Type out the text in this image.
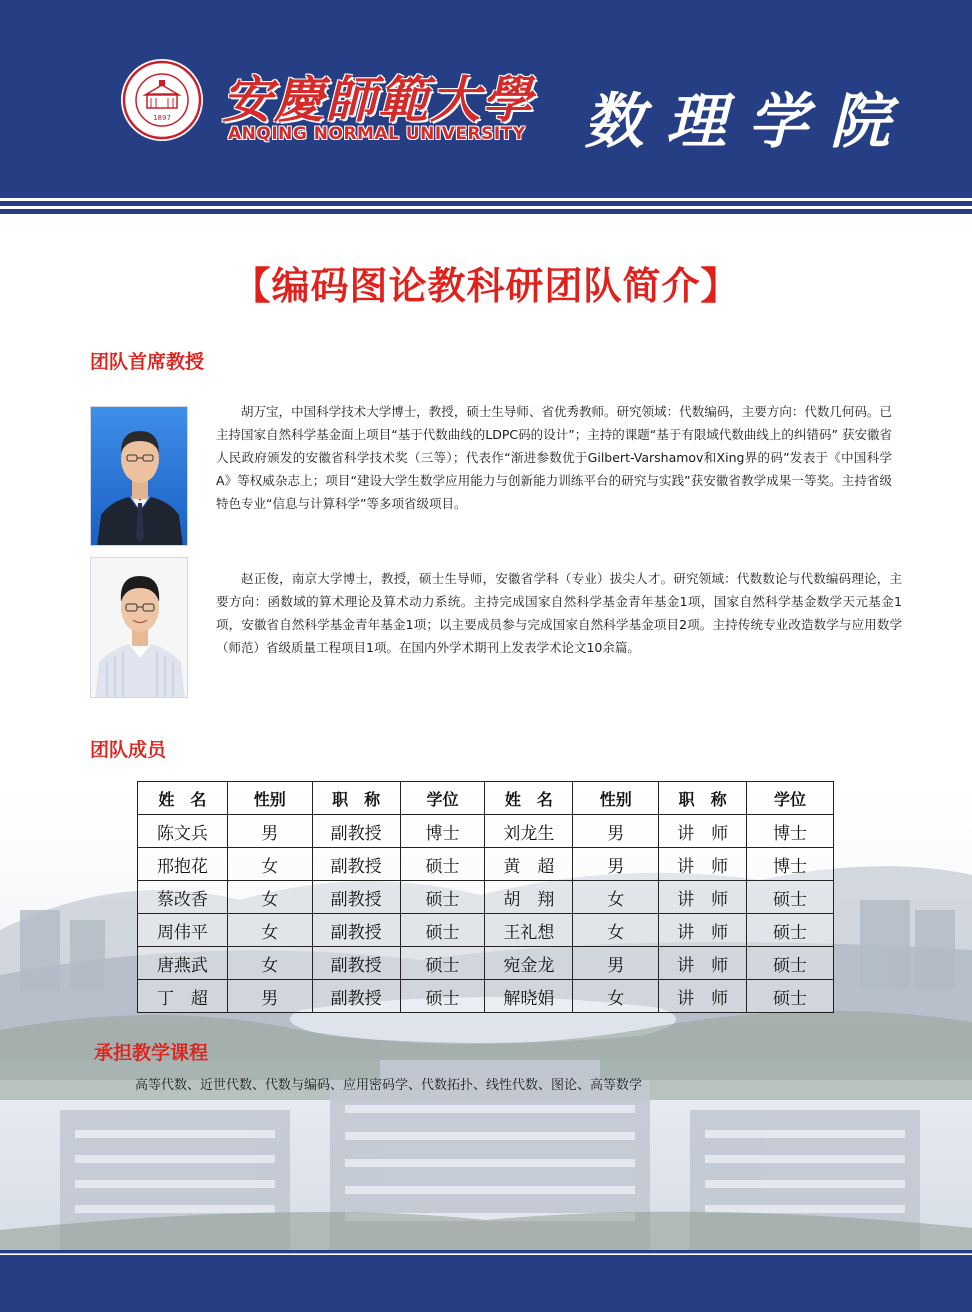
1897 安慶師範大學
ANQING NORMAL UNIVERSITY 数理学院
【编码图论教科研团队简介】
团队首席教授
胡万宝，中国科学技术大学博士，教授，硕士生导师、省优秀教师。研究领域：代数编码，主要方向：代数几何码。已主持国家自然科学基金面上项目“基于代数曲线的LDPC码的设计”；主持的课题“基于有限域代数曲线上的纠错码” 获安徽省人民政府颁发的安徽省科学技术奖（三等）；代表作“渐进参数优于Gilbert-Varshamov和Xing界的码”发表于《中国科学A》等权威杂志上；项目“建设大学生数学应用能力与创新能力训练平台的研究与实践”获安徽省教学成果一等奖。主持省级特色专业“信息与计算科学”等多项省级项目。
赵正俊，南京大学博士，教授，硕士生导师，安徽省学科（专业）拔尖人才。研究领域：代数数论与代数编码理论，主要方向：函数域的算术理论及算术动力系统。主持完成国家自然科学基金青年基金1项，国家自然科学基金数学天元基金1项，安徽省自然科学基金青年基金1项；以主要成员参与完成国家自然科学基金项目2项。主持传统专业改造数学与应用数学（师范）省级质量工程项目1项。在国内外学术期刊上发表学术论文10余篇。
团队成员
姓　名	性别	职　称	学位	姓　名	性别	职　称	学位
陈文兵	男	副教授	博士	刘龙生	男	讲　师	博士
邢抱花	女	副教授	硕士	黄　超	男	讲　师	博士
蔡改香	女	副教授	硕士	胡　翔	女	讲　师	硕士
周伟平	女	副教授	硕士	王礼想	女	讲　师	硕士
唐燕武	女	副教授	硕士	宛金龙	男	讲　师	硕士
丁　超	男	副教授	硕士	解晓娟	女	讲　师	硕士
承担教学课程
高等代数、近世代数、代数与编码、应用密码学、代数拓扑、线性代数、图论、高等数学
